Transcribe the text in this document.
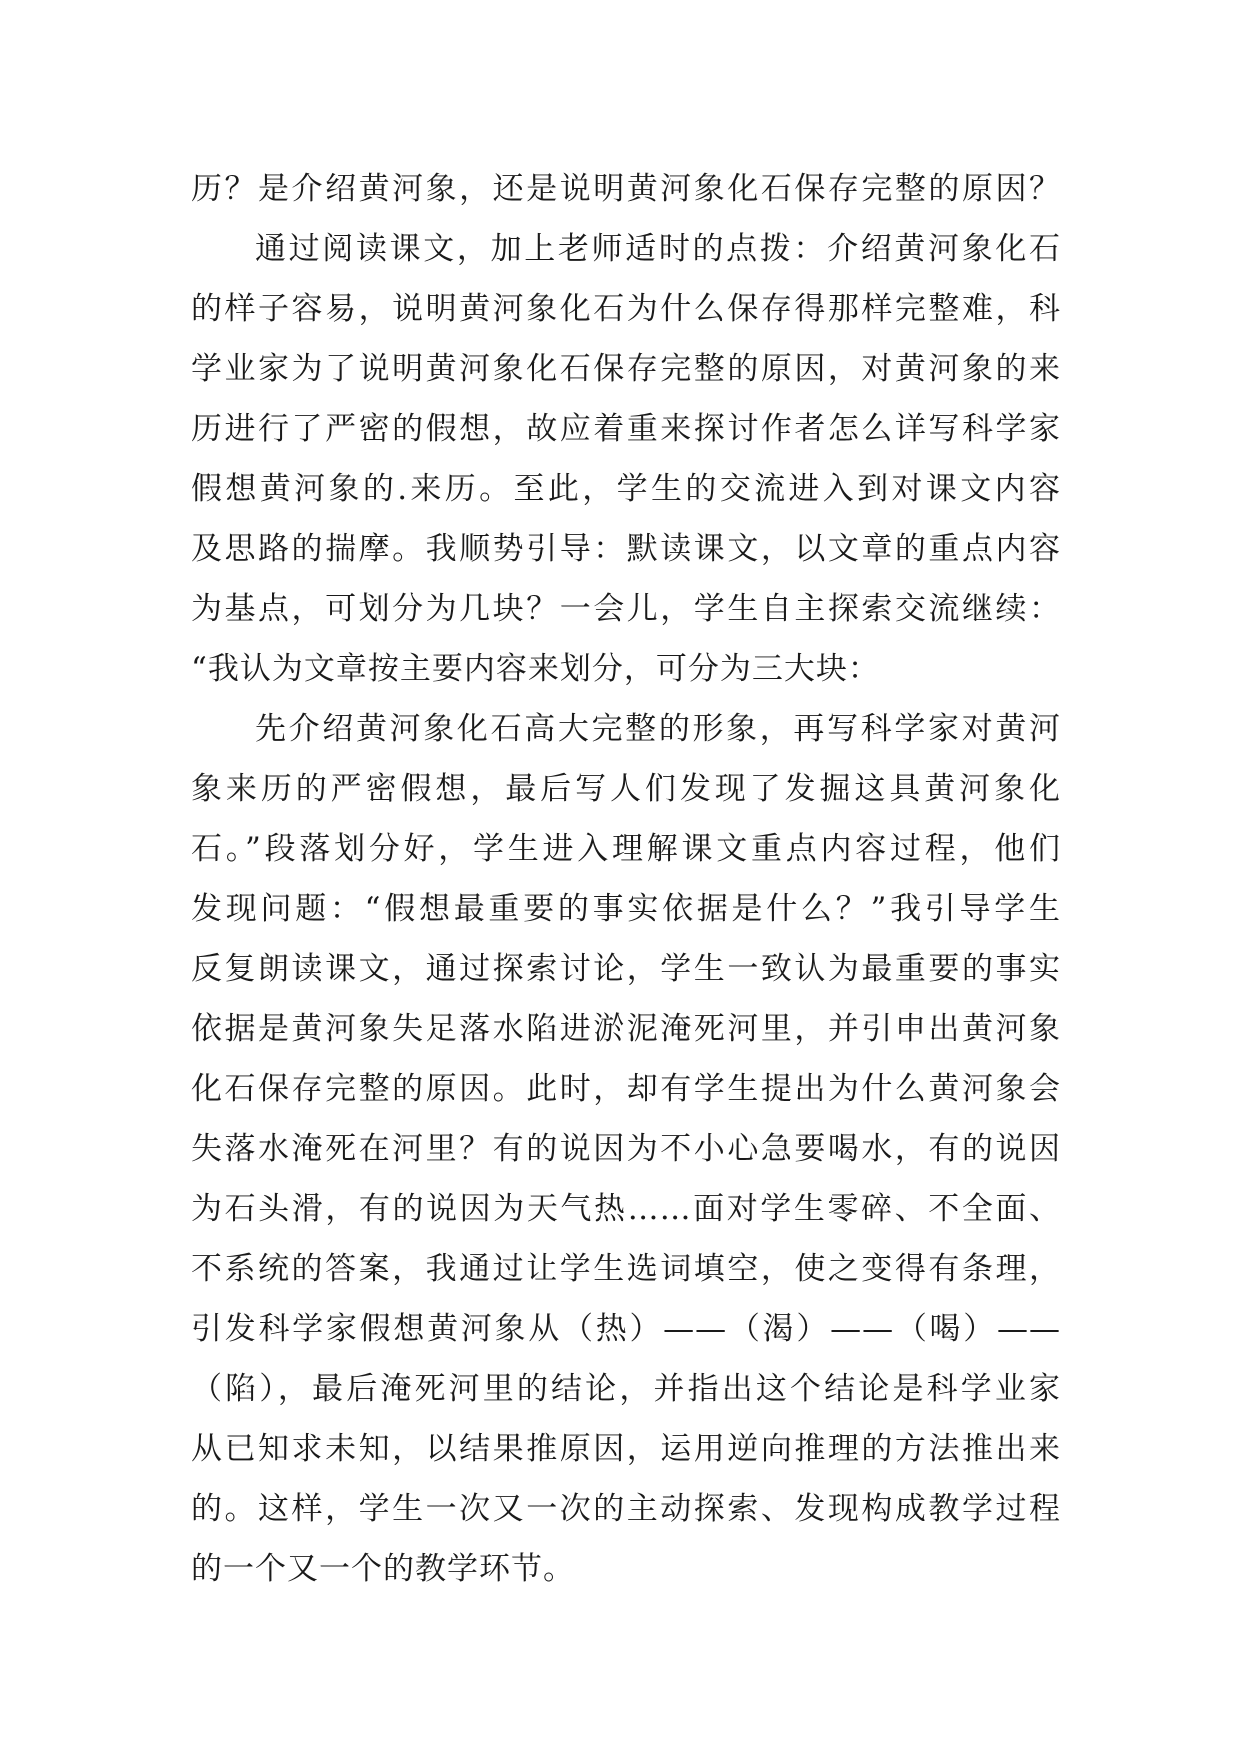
历？是介绍黄河象，还是说明黄河象化石保存完整的原因？
通过阅读课文，加上老师适时的点拨：介绍黄河象化石
的样子容易，说明黄河象化石为什么保存得那样完整难，科
学业家为了说明黄河象化石保存完整的原因，对黄河象的来
历进行了严密的假想，故应着重来探讨作者怎么详写科学家
假想黄河象的.来历。至此，学生的交流进入到对课文内容
及思路的揣摩。我顺势引导：默读课文，以文章的重点内容
为基点，可划分为几块？一会儿，学生自主探索交流继续：
“我认为文章按主要内容来划分，可分为三大块：
先介绍黄河象化石高大完整的形象，再写科学家对黄河
象来历的严密假想，最后写人们发现了发掘这具黄河象化
石。”段落划分好，学生进入理解课文重点内容过程，他们
发现问题：“假想最重要的事实依据是什么？”我引导学生
反复朗读课文，通过探索讨论，学生一致认为最重要的事实
依据是黄河象失足落水陷进淤泥淹死河里，并引申出黄河象
化石保存完整的原因。此时，却有学生提出为什么黄河象会
失落水淹死在河里？有的说因为不小心急要喝水，有的说因
为石头滑，有的说因为天气热……面对学生零碎、不全面、
不系统的答案，我通过让学生选词填空，使之变得有条理，
引发科学家假想黄河象从（热）——（渴）——（喝）——
（陷），最后淹死河里的结论，并指出这个结论是科学业家
从已知求未知，以结果推原因，运用逆向推理的方法推出来
的。这样，学生一次又一次的主动探索、发现构成教学过程
的一个又一个的教学环节。
